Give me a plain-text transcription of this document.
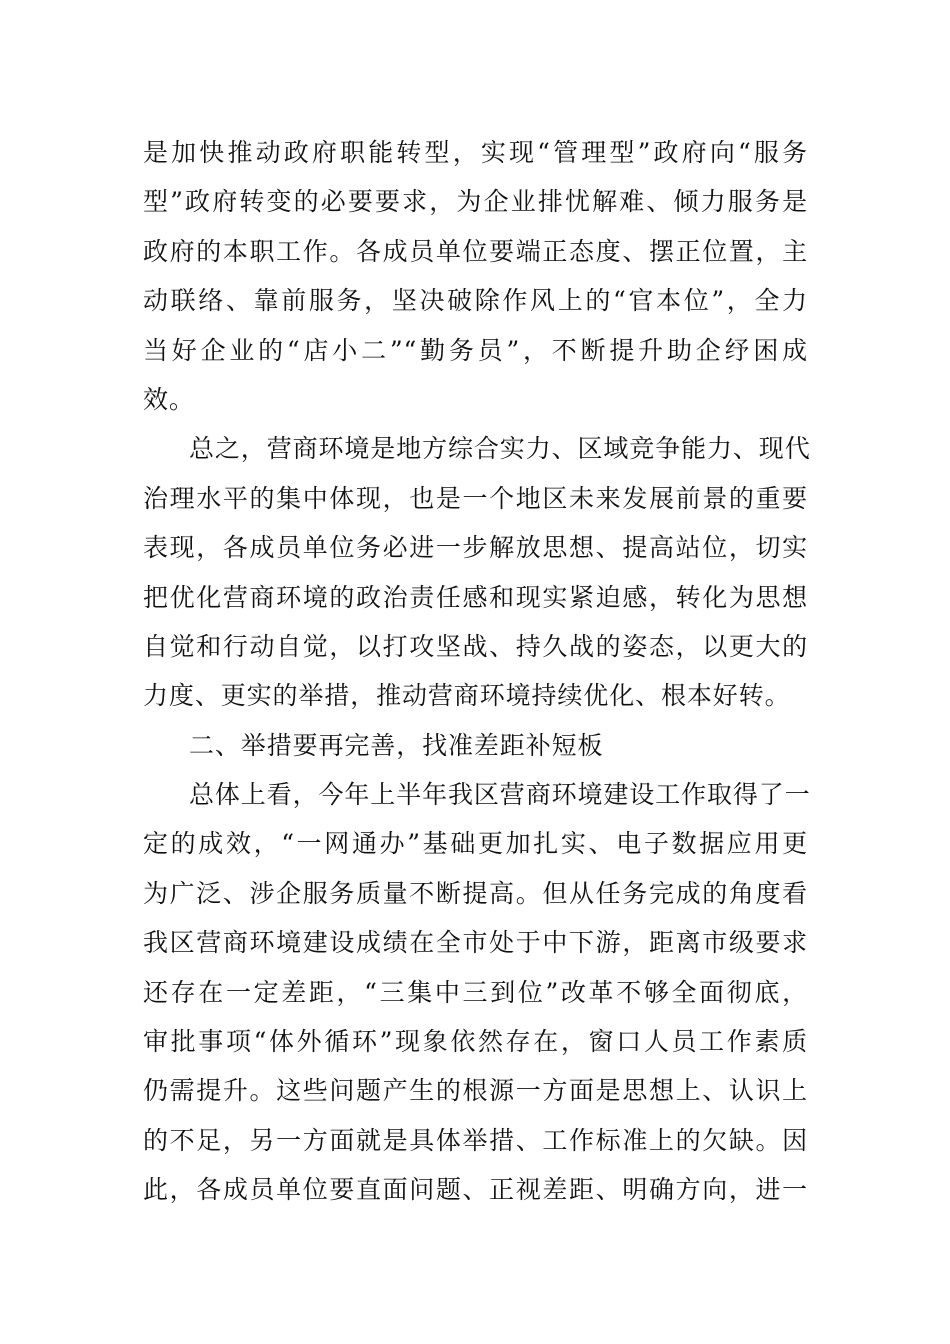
是加快推动政府职能转型，实现“管理型”政府向“服务
型”政府转变的必要要求，为企业排忧解难、倾力服务是
政府的本职工作。各成员单位要端正态度、摆正位置，主
动联络、靠前服务，坚决破除作风上的“官本位”，全力
当好企业的“店小二”“勤务员”，不断提升助企纾困成
效。
总之，营商环境是地方综合实力、区域竞争能力、现代
治理水平的集中体现，也是一个地区未来发展前景的重要
表现，各成员单位务必进一步解放思想、提高站位，切实
把优化营商环境的政治责任感和现实紧迫感，转化为思想
自觉和行动自觉，以打攻坚战、持久战的姿态，以更大的
力度、更实的举措，推动营商环境持续优化、根本好转。
二、举措要再完善，找准差距补短板
总体上看，今年上半年我区营商环境建设工作取得了一
定的成效，“一网通办”基础更加扎实、电子数据应用更
为广泛、涉企服务质量不断提高。但从任务完成的角度看
我区营商环境建设成绩在全市处于中下游，距离市级要求
还存在一定差距，“三集中三到位”改革不够全面彻底，
审批事项“体外循环”现象依然存在，窗口人员工作素质
仍需提升。这些问题产生的根源一方面是思想上、认识上
的不足，另一方面就是具体举措、工作标准上的欠缺。因
此，各成员单位要直面问题、正视差距、明确方向，进一
